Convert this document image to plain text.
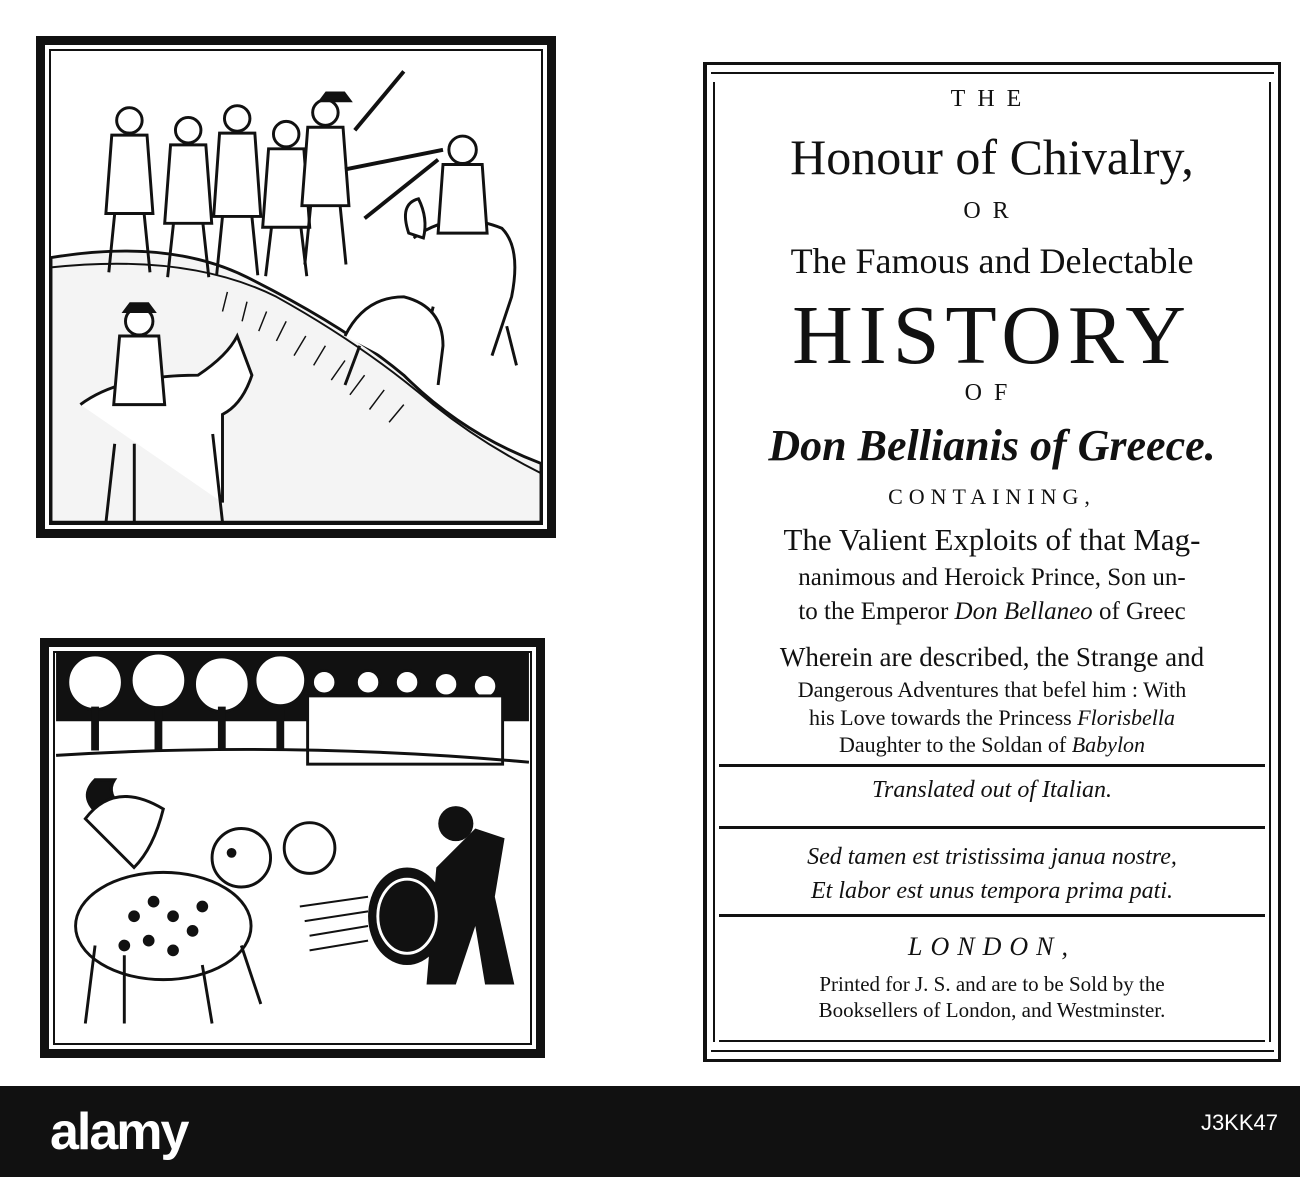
THE
Honour of Chivalry,
OR
The Famous and Delectable
HISTORY
OF
Don Bellianis of Greece.
CONTAINING,
The Valient Exploits of that Mag-
nanimous and Heroick Prince, Son un-
to the Emperor Don Bellaneo of Greec
Wherein are described, the Strange and
Dangerous Adventures that befel him : With
his Love towards the Princess Florisbella
Daughter to the Soldan of Babylon
Translated out of Italian.
Sed tamen est tristissima janua nostre,
Et labor est unus tempora prima pati.
LONDON,
Printed for J. S. and are to be Sold by the
Booksellers of London, and Westminster.
alamy	J3KK47
